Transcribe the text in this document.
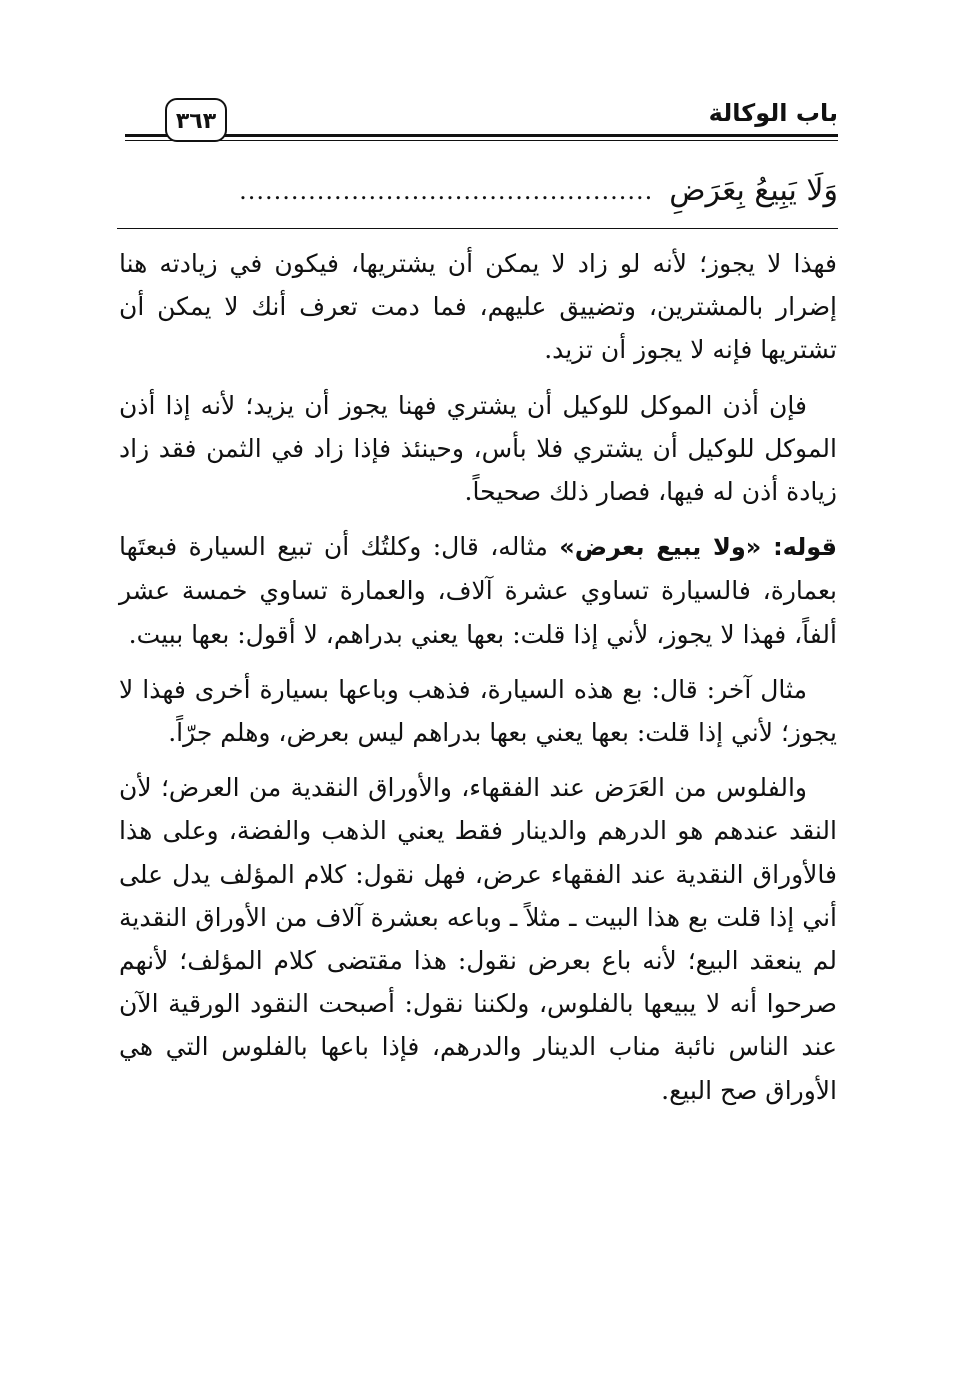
باب الوكالة
٣٦٣
وَلَا يَبِيعُ بِعَرَضٍ
................................................

فهذا لا يجوز؛ لأنه لو زاد لا يمكن أن يشتريها، فيكون في زيادته هنا إضرار بالمشترين، وتضييق عليهم، فما دمت تعرف أنك لا يمكن أن تشتريها فإنه لا يجوز أن تزيد.

فإن أذن الموكل للوكيل أن يشتري فهنا يجوز أن يزيد؛ لأنه إذا أذن الموكل للوكيل أن يشتري فلا بأس، وحينئذ فإذا زاد في الثمن فقد زاد زيادة أذن له فيها، فصار ذلك صحيحاً.

قوله: «ولا يبيع بعرض» مثاله، قال: وكلتُك أن تبيع السيارة فبعتَها بعمارة، فالسيارة تساوي عشرة آلاف، والعمارة تساوي خمسة عشر ألفاً، فهذا لا يجوز، لأني إذا قلت: بعها يعني بدراهم، لا أقول: بعها ببيت.

مثال آخر: قال: بع هذه السيارة، فذهب وباعها بسيارة أخرى فهذا لا يجوز؛ لأني إذا قلت: بعها يعني بعها بدراهم ليس بعرض، وهلم جرّاً.

والفلوس من العَرَض عند الفقهاء، والأوراق النقدية من العرض؛ لأن النقد عندهم هو الدرهم والدينار فقط يعني الذهب والفضة، وعلى هذا فالأوراق النقدية عند الفقهاء عرض، فهل نقول: كلام المؤلف يدل على أني إذا قلت بع هذا البيت ـ مثلاً ـ وباعه بعشرة آلاف من الأوراق النقدية لم ينعقد البيع؛ لأنه باع بعرض نقول: هذا مقتضى كلام المؤلف؛ لأنهم صرحوا أنه لا يبيعها بالفلوس، ولكننا نقول: أصبحت النقود الورقية الآن عند الناس نائبة مناب الدينار والدرهم، فإذا باعها بالفلوس التي هي الأوراق صح البيع.
